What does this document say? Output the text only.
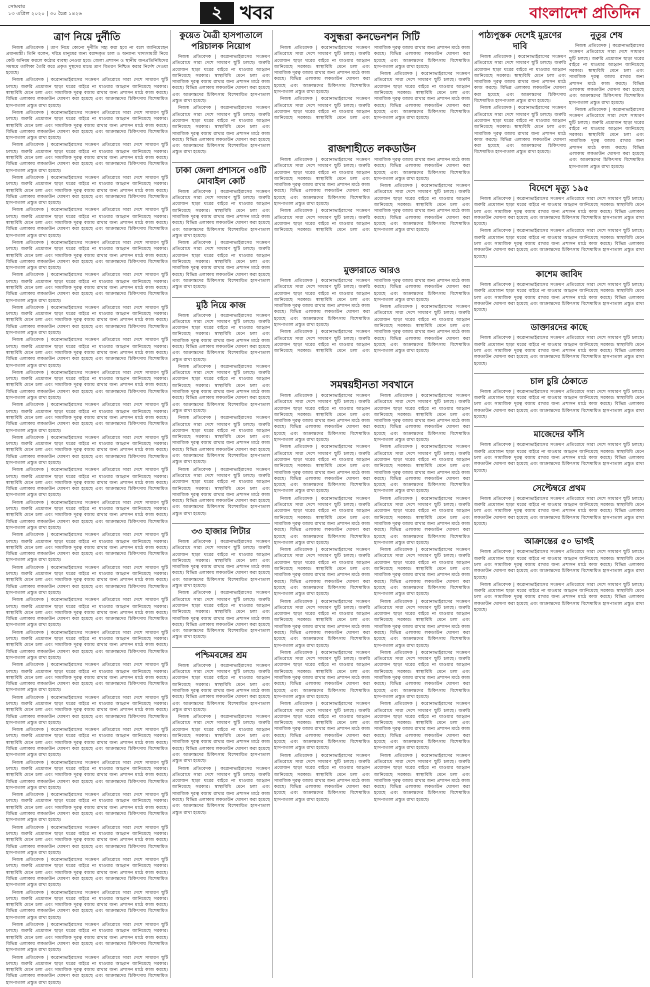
সোমবার
১৩ এপ্রিল ২০২০ | ৩০ চৈত্র ১৪২৬	২ খবর	বাংলাদেশ প্রতিদিন
ত্রাণ নিয়ে দুর্নীতি

নিজস্ব প্রতিবেদক | ত্রাণ নিয়ে কোনো দুর্নীতি সহ্য করা হবে না বলে জানিয়েছেন প্রধানমন্ত্রী। তিনি বলেন, দরিদ্র মানুষের জন্য বরাদ্দকৃত চাল ও অন্যান্য খাদ্যসামগ্রী নিয়ে কেউ অনিয়ম করলে কঠোর ব্যবস্থা নেওয়া হবে। জেলা প্রশাসন ও স্থানীয় জনপ্রতিনিধিদের সমন্বয়ে তালিকা তৈরি করে প্রকৃত দুস্থদের মাঝে ত্রাণ বিতরণ নিশ্চিত করার নির্দেশ দেওয়া হয়েছে।

নিজস্ব প্রতিবেদক | করোনাভাইরাসের সংক্রমণ প্রতিরোধে সারা দেশে সাধারণ ছুটি চলছে। জরুরি প্রয়োজন ছাড়া ঘরের বাইরে না যাওয়ার আহ্বান জানিয়েছে সরকার। স্বাস্থ্যবিধি মেনে চলা এবং সামাজিক দূরত্ব বজায় রাখার জন্য প্রশাসন মাঠে কাজ করছে। বিভিন্ন এলাকায় লকডাউন ঘোষণা করা হয়েছে এবং আক্রান্তদের চিকিৎসায় বিশেষায়িত হাসপাতাল প্রস্তুত রাখা হয়েছে।

নিজস্ব প্রতিবেদক | করোনাভাইরাসের সংক্রমণ প্রতিরোধে সারা দেশে সাধারণ ছুটি চলছে। জরুরি প্রয়োজন ছাড়া ঘরের বাইরে না যাওয়ার আহ্বান জানিয়েছে সরকার। স্বাস্থ্যবিধি মেনে চলা এবং সামাজিক দূরত্ব বজায় রাখার জন্য প্রশাসন মাঠে কাজ করছে। বিভিন্ন এলাকায় লকডাউন ঘোষণা করা হয়েছে এবং আক্রান্তদের চিকিৎসায় বিশেষায়িত হাসপাতাল প্রস্তুত রাখা হয়েছে।

নিজস্ব প্রতিবেদক | করোনাভাইরাসের সংক্রমণ প্রতিরোধে সারা দেশে সাধারণ ছুটি চলছে। জরুরি প্রয়োজন ছাড়া ঘরের বাইরে না যাওয়ার আহ্বান জানিয়েছে সরকার। স্বাস্থ্যবিধি মেনে চলা এবং সামাজিক দূরত্ব বজায় রাখার জন্য প্রশাসন মাঠে কাজ করছে। বিভিন্ন এলাকায় লকডাউন ঘোষণা করা হয়েছে এবং আক্রান্তদের চিকিৎসায় বিশেষায়িত হাসপাতাল প্রস্তুত রাখা হয়েছে।

নিজস্ব প্রতিবেদক | করোনাভাইরাসের সংক্রমণ প্রতিরোধে সারা দেশে সাধারণ ছুটি চলছে। জরুরি প্রয়োজন ছাড়া ঘরের বাইরে না যাওয়ার আহ্বান জানিয়েছে সরকার। স্বাস্থ্যবিধি মেনে চলা এবং সামাজিক দূরত্ব বজায় রাখার জন্য প্রশাসন মাঠে কাজ করছে। বিভিন্ন এলাকায় লকডাউন ঘোষণা করা হয়েছে এবং আক্রান্তদের চিকিৎসায় বিশেষায়িত হাসপাতাল প্রস্তুত রাখা হয়েছে।

নিজস্ব প্রতিবেদক | করোনাভাইরাসের সংক্রমণ প্রতিরোধে সারা দেশে সাধারণ ছুটি চলছে। জরুরি প্রয়োজন ছাড়া ঘরের বাইরে না যাওয়ার আহ্বান জানিয়েছে সরকার। স্বাস্থ্যবিধি মেনে চলা এবং সামাজিক দূরত্ব বজায় রাখার জন্য প্রশাসন মাঠে কাজ করছে। বিভিন্ন এলাকায় লকডাউন ঘোষণা করা হয়েছে এবং আক্রান্তদের চিকিৎসায় বিশেষায়িত হাসপাতাল প্রস্তুত রাখা হয়েছে।

নিজস্ব প্রতিবেদক | করোনাভাইরাসের সংক্রমণ প্রতিরোধে সারা দেশে সাধারণ ছুটি চলছে। জরুরি প্রয়োজন ছাড়া ঘরের বাইরে না যাওয়ার আহ্বান জানিয়েছে সরকার। স্বাস্থ্যবিধি মেনে চলা এবং সামাজিক দূরত্ব বজায় রাখার জন্য প্রশাসন মাঠে কাজ করছে। বিভিন্ন এলাকায় লকডাউন ঘোষণা করা হয়েছে এবং আক্রান্তদের চিকিৎসায় বিশেষায়িত হাসপাতাল প্রস্তুত রাখা হয়েছে।

নিজস্ব প্রতিবেদক | করোনাভাইরাসের সংক্রমণ প্রতিরোধে সারা দেশে সাধারণ ছুটি চলছে। জরুরি প্রয়োজন ছাড়া ঘরের বাইরে না যাওয়ার আহ্বান জানিয়েছে সরকার। স্বাস্থ্যবিধি মেনে চলা এবং সামাজিক দূরত্ব বজায় রাখার জন্য প্রশাসন মাঠে কাজ করছে। বিভিন্ন এলাকায় লকডাউন ঘোষণা করা হয়েছে এবং আক্রান্তদের চিকিৎসায় বিশেষায়িত হাসপাতাল প্রস্তুত রাখা হয়েছে।

নিজস্ব প্রতিবেদক | করোনাভাইরাসের সংক্রমণ প্রতিরোধে সারা দেশে সাধারণ ছুটি চলছে। জরুরি প্রয়োজন ছাড়া ঘরের বাইরে না যাওয়ার আহ্বান জানিয়েছে সরকার। স্বাস্থ্যবিধি মেনে চলা এবং সামাজিক দূরত্ব বজায় রাখার জন্য প্রশাসন মাঠে কাজ করছে। বিভিন্ন এলাকায় লকডাউন ঘোষণা করা হয়েছে এবং আক্রান্তদের চিকিৎসায় বিশেষায়িত হাসপাতাল প্রস্তুত রাখা হয়েছে।

নিজস্ব প্রতিবেদক | করোনাভাইরাসের সংক্রমণ প্রতিরোধে সারা দেশে সাধারণ ছুটি চলছে। জরুরি প্রয়োজন ছাড়া ঘরের বাইরে না যাওয়ার আহ্বান জানিয়েছে সরকার। স্বাস্থ্যবিধি মেনে চলা এবং সামাজিক দূরত্ব বজায় রাখার জন্য প্রশাসন মাঠে কাজ করছে। বিভিন্ন এলাকায় লকডাউন ঘোষণা করা হয়েছে এবং আক্রান্তদের চিকিৎসায় বিশেষায়িত হাসপাতাল প্রস্তুত রাখা হয়েছে।

নিজস্ব প্রতিবেদক | করোনাভাইরাসের সংক্রমণ প্রতিরোধে সারা দেশে সাধারণ ছুটি চলছে। জরুরি প্রয়োজন ছাড়া ঘরের বাইরে না যাওয়ার আহ্বান জানিয়েছে সরকার। স্বাস্থ্যবিধি মেনে চলা এবং সামাজিক দূরত্ব বজায় রাখার জন্য প্রশাসন মাঠে কাজ করছে। বিভিন্ন এলাকায় লকডাউন ঘোষণা করা হয়েছে এবং আক্রান্তদের চিকিৎসায় বিশেষায়িত হাসপাতাল প্রস্তুত রাখা হয়েছে।

নিজস্ব প্রতিবেদক | করোনাভাইরাসের সংক্রমণ প্রতিরোধে সারা দেশে সাধারণ ছুটি চলছে। জরুরি প্রয়োজন ছাড়া ঘরের বাইরে না যাওয়ার আহ্বান জানিয়েছে সরকার। স্বাস্থ্যবিধি মেনে চলা এবং সামাজিক দূরত্ব বজায় রাখার জন্য প্রশাসন মাঠে কাজ করছে। বিভিন্ন এলাকায় লকডাউন ঘোষণা করা হয়েছে এবং আক্রান্তদের চিকিৎসায় বিশেষায়িত হাসপাতাল প্রস্তুত রাখা হয়েছে।

নিজস্ব প্রতিবেদক | করোনাভাইরাসের সংক্রমণ প্রতিরোধে সারা দেশে সাধারণ ছুটি চলছে। জরুরি প্রয়োজন ছাড়া ঘরের বাইরে না যাওয়ার আহ্বান জানিয়েছে সরকার। স্বাস্থ্যবিধি মেনে চলা এবং সামাজিক দূরত্ব বজায় রাখার জন্য প্রশাসন মাঠে কাজ করছে। বিভিন্ন এলাকায় লকডাউন ঘোষণা করা হয়েছে এবং আক্রান্তদের চিকিৎসায় বিশেষায়িত হাসপাতাল প্রস্তুত রাখা হয়েছে।

নিজস্ব প্রতিবেদক | করোনাভাইরাসের সংক্রমণ প্রতিরোধে সারা দেশে সাধারণ ছুটি চলছে। জরুরি প্রয়োজন ছাড়া ঘরের বাইরে না যাওয়ার আহ্বান জানিয়েছে সরকার। স্বাস্থ্যবিধি মেনে চলা এবং সামাজিক দূরত্ব বজায় রাখার জন্য প্রশাসন মাঠে কাজ করছে। বিভিন্ন এলাকায় লকডাউন ঘোষণা করা হয়েছে এবং আক্রান্তদের চিকিৎসায় বিশেষায়িত হাসপাতাল প্রস্তুত রাখা হয়েছে।

নিজস্ব প্রতিবেদক | করোনাভাইরাসের সংক্রমণ প্রতিরোধে সারা দেশে সাধারণ ছুটি চলছে। জরুরি প্রয়োজন ছাড়া ঘরের বাইরে না যাওয়ার আহ্বান জানিয়েছে সরকার। স্বাস্থ্যবিধি মেনে চলা এবং সামাজিক দূরত্ব বজায় রাখার জন্য প্রশাসন মাঠে কাজ করছে। বিভিন্ন এলাকায় লকডাউন ঘোষণা করা হয়েছে এবং আক্রান্তদের চিকিৎসায় বিশেষায়িত হাসপাতাল প্রস্তুত রাখা হয়েছে।

নিজস্ব প্রতিবেদক | করোনাভাইরাসের সংক্রমণ প্রতিরোধে সারা দেশে সাধারণ ছুটি চলছে। জরুরি প্রয়োজন ছাড়া ঘরের বাইরে না যাওয়ার আহ্বান জানিয়েছে সরকার। স্বাস্থ্যবিধি মেনে চলা এবং সামাজিক দূরত্ব বজায় রাখার জন্য প্রশাসন মাঠে কাজ করছে। বিভিন্ন এলাকায় লকডাউন ঘোষণা করা হয়েছে এবং আক্রান্তদের চিকিৎসায় বিশেষায়িত হাসপাতাল প্রস্তুত রাখা হয়েছে।

নিজস্ব প্রতিবেদক | করোনাভাইরাসের সংক্রমণ প্রতিরোধে সারা দেশে সাধারণ ছুটি চলছে। জরুরি প্রয়োজন ছাড়া ঘরের বাইরে না যাওয়ার আহ্বান জানিয়েছে সরকার। স্বাস্থ্যবিধি মেনে চলা এবং সামাজিক দূরত্ব বজায় রাখার জন্য প্রশাসন মাঠে কাজ করছে। বিভিন্ন এলাকায় লকডাউন ঘোষণা করা হয়েছে এবং আক্রান্তদের চিকিৎসায় বিশেষায়িত হাসপাতাল প্রস্তুত রাখা হয়েছে।

নিজস্ব প্রতিবেদক | করোনাভাইরাসের সংক্রমণ প্রতিরোধে সারা দেশে সাধারণ ছুটি চলছে। জরুরি প্রয়োজন ছাড়া ঘরের বাইরে না যাওয়ার আহ্বান জানিয়েছে সরকার। স্বাস্থ্যবিধি মেনে চলা এবং সামাজিক দূরত্ব বজায় রাখার জন্য প্রশাসন মাঠে কাজ করছে। বিভিন্ন এলাকায় লকডাউন ঘোষণা করা হয়েছে এবং আক্রান্তদের চিকিৎসায় বিশেষায়িত হাসপাতাল প্রস্তুত রাখা হয়েছে।

নিজস্ব প্রতিবেদক | করোনাভাইরাসের সংক্রমণ প্রতিরোধে সারা দেশে সাধারণ ছুটি চলছে। জরুরি প্রয়োজন ছাড়া ঘরের বাইরে না যাওয়ার আহ্বান জানিয়েছে সরকার। স্বাস্থ্যবিধি মেনে চলা এবং সামাজিক দূরত্ব বজায় রাখার জন্য প্রশাসন মাঠে কাজ করছে। বিভিন্ন এলাকায় লকডাউন ঘোষণা করা হয়েছে এবং আক্রান্তদের চিকিৎসায় বিশেষায়িত হাসপাতাল প্রস্তুত রাখা হয়েছে।

নিজস্ব প্রতিবেদক | করোনাভাইরাসের সংক্রমণ প্রতিরোধে সারা দেশে সাধারণ ছুটি চলছে। জরুরি প্রয়োজন ছাড়া ঘরের বাইরে না যাওয়ার আহ্বান জানিয়েছে সরকার। স্বাস্থ্যবিধি মেনে চলা এবং সামাজিক দূরত্ব বজায় রাখার জন্য প্রশাসন মাঠে কাজ করছে। বিভিন্ন এলাকায় লকডাউন ঘোষণা করা হয়েছে এবং আক্রান্তদের চিকিৎসায় বিশেষায়িত হাসপাতাল প্রস্তুত রাখা হয়েছে।

নিজস্ব প্রতিবেদক | করোনাভাইরাসের সংক্রমণ প্রতিরোধে সারা দেশে সাধারণ ছুটি চলছে। জরুরি প্রয়োজন ছাড়া ঘরের বাইরে না যাওয়ার আহ্বান জানিয়েছে সরকার। স্বাস্থ্যবিধি মেনে চলা এবং সামাজিক দূরত্ব বজায় রাখার জন্য প্রশাসন মাঠে কাজ করছে। বিভিন্ন এলাকায় লকডাউন ঘোষণা করা হয়েছে এবং আক্রান্তদের চিকিৎসায় বিশেষায়িত হাসপাতাল প্রস্তুত রাখা হয়েছে।

নিজস্ব প্রতিবেদক | করোনাভাইরাসের সংক্রমণ প্রতিরোধে সারা দেশে সাধারণ ছুটি চলছে। জরুরি প্রয়োজন ছাড়া ঘরের বাইরে না যাওয়ার আহ্বান জানিয়েছে সরকার। স্বাস্থ্যবিধি মেনে চলা এবং সামাজিক দূরত্ব বজায় রাখার জন্য প্রশাসন মাঠে কাজ করছে। বিভিন্ন এলাকায় লকডাউন ঘোষণা করা হয়েছে এবং আক্রান্তদের চিকিৎসায় বিশেষায়িত হাসপাতাল প্রস্তুত রাখা হয়েছে।

নিজস্ব প্রতিবেদক | করোনাভাইরাসের সংক্রমণ প্রতিরোধে সারা দেশে সাধারণ ছুটি চলছে। জরুরি প্রয়োজন ছাড়া ঘরের বাইরে না যাওয়ার আহ্বান জানিয়েছে সরকার। স্বাস্থ্যবিধি মেনে চলা এবং সামাজিক দূরত্ব বজায় রাখার জন্য প্রশাসন মাঠে কাজ করছে। বিভিন্ন এলাকায় লকডাউন ঘোষণা করা হয়েছে এবং আক্রান্তদের চিকিৎসায় বিশেষায়িত হাসপাতাল প্রস্তুত রাখা হয়েছে।

নিজস্ব প্রতিবেদক | করোনাভাইরাসের সংক্রমণ প্রতিরোধে সারা দেশে সাধারণ ছুটি চলছে। জরুরি প্রয়োজন ছাড়া ঘরের বাইরে না যাওয়ার আহ্বান জানিয়েছে সরকার। স্বাস্থ্যবিধি মেনে চলা এবং সামাজিক দূরত্ব বজায় রাখার জন্য প্রশাসন মাঠে কাজ করছে। বিভিন্ন এলাকায় লকডাউন ঘোষণা করা হয়েছে এবং আক্রান্তদের চিকিৎসায় বিশেষায়িত হাসপাতাল প্রস্তুত রাখা হয়েছে।

নিজস্ব প্রতিবেদক | করোনাভাইরাসের সংক্রমণ প্রতিরোধে সারা দেশে সাধারণ ছুটি চলছে। জরুরি প্রয়োজন ছাড়া ঘরের বাইরে না যাওয়ার আহ্বান জানিয়েছে সরকার। স্বাস্থ্যবিধি মেনে চলা এবং সামাজিক দূরত্ব বজায় রাখার জন্য প্রশাসন মাঠে কাজ করছে। বিভিন্ন এলাকায় লকডাউন ঘোষণা করা হয়েছে এবং আক্রান্তদের চিকিৎসায় বিশেষায়িত হাসপাতাল প্রস্তুত রাখা হয়েছে।

নিজস্ব প্রতিবেদক | করোনাভাইরাসের সংক্রমণ প্রতিরোধে সারা দেশে সাধারণ ছুটি চলছে। জরুরি প্রয়োজন ছাড়া ঘরের বাইরে না যাওয়ার আহ্বান জানিয়েছে সরকার। স্বাস্থ্যবিধি মেনে চলা এবং সামাজিক দূরত্ব বজায় রাখার জন্য প্রশাসন মাঠে কাজ করছে। বিভিন্ন এলাকায় লকডাউন ঘোষণা করা হয়েছে এবং আক্রান্তদের চিকিৎসায় বিশেষায়িত হাসপাতাল প্রস্তুত রাখা হয়েছে।

নিজস্ব প্রতিবেদক | করোনাভাইরাসের সংক্রমণ প্রতিরোধে সারা দেশে সাধারণ ছুটি চলছে। জরুরি প্রয়োজন ছাড়া ঘরের বাইরে না যাওয়ার আহ্বান জানিয়েছে সরকার। স্বাস্থ্যবিধি মেনে চলা এবং সামাজিক দূরত্ব বজায় রাখার জন্য প্রশাসন মাঠে কাজ করছে। বিভিন্ন এলাকায় লকডাউন ঘোষণা করা হয়েছে এবং আক্রান্তদের চিকিৎসায় বিশেষায়িত হাসপাতাল প্রস্তুত রাখা হয়েছে।

নিজস্ব প্রতিবেদক | করোনাভাইরাসের সংক্রমণ প্রতিরোধে সারা দেশে সাধারণ ছুটি চলছে। জরুরি প্রয়োজন ছাড়া ঘরের বাইরে না যাওয়ার আহ্বান জানিয়েছে সরকার। স্বাস্থ্যবিধি মেনে চলা এবং সামাজিক দূরত্ব বজায় রাখার জন্য প্রশাসন মাঠে কাজ করছে। বিভিন্ন এলাকায় লকডাউন ঘোষণা করা হয়েছে এবং আক্রান্তদের চিকিৎসায় বিশেষায়িত হাসপাতাল প্রস্তুত রাখা হয়েছে।

নিজস্ব প্রতিবেদক | করোনাভাইরাসের সংক্রমণ প্রতিরোধে সারা দেশে সাধারণ ছুটি চলছে। জরুরি প্রয়োজন ছাড়া ঘরের বাইরে না যাওয়ার আহ্বান জানিয়েছে সরকার। স্বাস্থ্যবিধি মেনে চলা এবং সামাজিক দূরত্ব বজায় রাখার জন্য প্রশাসন মাঠে কাজ করছে। বিভিন্ন এলাকায় লকডাউন ঘোষণা করা হয়েছে এবং আক্রান্তদের চিকিৎসায় বিশেষায়িত হাসপাতাল প্রস্তুত রাখা হয়েছে।

কুয়েত মৈত্রী হাসপাতালে পরিচালক নিয়োগ

নিজস্ব প্রতিবেদক | করোনাভাইরাসের সংক্রমণ প্রতিরোধে সারা দেশে সাধারণ ছুটি চলছে। জরুরি প্রয়োজন ছাড়া ঘরের বাইরে না যাওয়ার আহ্বান জানিয়েছে সরকার। স্বাস্থ্যবিধি মেনে চলা এবং সামাজিক দূরত্ব বজায় রাখার জন্য প্রশাসন মাঠে কাজ করছে। বিভিন্ন এলাকায় লকডাউন ঘোষণা করা হয়েছে এবং আক্রান্তদের চিকিৎসায় বিশেষায়িত হাসপাতাল প্রস্তুত রাখা হয়েছে।

নিজস্ব প্রতিবেদক | করোনাভাইরাসের সংক্রমণ প্রতিরোধে সারা দেশে সাধারণ ছুটি চলছে। জরুরি প্রয়োজন ছাড়া ঘরের বাইরে না যাওয়ার আহ্বান জানিয়েছে সরকার। স্বাস্থ্যবিধি মেনে চলা এবং সামাজিক দূরত্ব বজায় রাখার জন্য প্রশাসন মাঠে কাজ করছে। বিভিন্ন এলাকায় লকডাউন ঘোষণা করা হয়েছে এবং আক্রান্তদের চিকিৎসায় বিশেষায়িত হাসপাতাল প্রস্তুত রাখা হয়েছে।

ঢাকা জেলা প্রশাসনে ৩৪টি মোবাইল কোর্ট

নিজস্ব প্রতিবেদক | করোনাভাইরাসের সংক্রমণ প্রতিরোধে সারা দেশে সাধারণ ছুটি চলছে। জরুরি প্রয়োজন ছাড়া ঘরের বাইরে না যাওয়ার আহ্বান জানিয়েছে সরকার। স্বাস্থ্যবিধি মেনে চলা এবং সামাজিক দূরত্ব বজায় রাখার জন্য প্রশাসন মাঠে কাজ করছে। বিভিন্ন এলাকায় লকডাউন ঘোষণা করা হয়েছে এবং আক্রান্তদের চিকিৎসায় বিশেষায়িত হাসপাতাল প্রস্তুত রাখা হয়েছে।

নিজস্ব প্রতিবেদক | করোনাভাইরাসের সংক্রমণ প্রতিরোধে সারা দেশে সাধারণ ছুটি চলছে। জরুরি প্রয়োজন ছাড়া ঘরের বাইরে না যাওয়ার আহ্বান জানিয়েছে সরকার। স্বাস্থ্যবিধি মেনে চলা এবং সামাজিক দূরত্ব বজায় রাখার জন্য প্রশাসন মাঠে কাজ করছে। বিভিন্ন এলাকায় লকডাউন ঘোষণা করা হয়েছে এবং আক্রান্তদের চিকিৎসায় বিশেষায়িত হাসপাতাল প্রস্তুত রাখা হয়েছে।

মুঠি নিয়ে কাজ

নিজস্ব প্রতিবেদক | করোনাভাইরাসের সংক্রমণ প্রতিরোধে সারা দেশে সাধারণ ছুটি চলছে। জরুরি প্রয়োজন ছাড়া ঘরের বাইরে না যাওয়ার আহ্বান জানিয়েছে সরকার। স্বাস্থ্যবিধি মেনে চলা এবং সামাজিক দূরত্ব বজায় রাখার জন্য প্রশাসন মাঠে কাজ করছে। বিভিন্ন এলাকায় লকডাউন ঘোষণা করা হয়েছে এবং আক্রান্তদের চিকিৎসায় বিশেষায়িত হাসপাতাল প্রস্তুত রাখা হয়েছে।

নিজস্ব প্রতিবেদক | করোনাভাইরাসের সংক্রমণ প্রতিরোধে সারা দেশে সাধারণ ছুটি চলছে। জরুরি প্রয়োজন ছাড়া ঘরের বাইরে না যাওয়ার আহ্বান জানিয়েছে সরকার। স্বাস্থ্যবিধি মেনে চলা এবং সামাজিক দূরত্ব বজায় রাখার জন্য প্রশাসন মাঠে কাজ করছে। বিভিন্ন এলাকায় লকডাউন ঘোষণা করা হয়েছে এবং আক্রান্তদের চিকিৎসায় বিশেষায়িত হাসপাতাল প্রস্তুত রাখা হয়েছে।

নিজস্ব প্রতিবেদক | করোনাভাইরাসের সংক্রমণ প্রতিরোধে সারা দেশে সাধারণ ছুটি চলছে। জরুরি প্রয়োজন ছাড়া ঘরের বাইরে না যাওয়ার আহ্বান জানিয়েছে সরকার। স্বাস্থ্যবিধি মেনে চলা এবং সামাজিক দূরত্ব বজায় রাখার জন্য প্রশাসন মাঠে কাজ করছে। বিভিন্ন এলাকায় লকডাউন ঘোষণা করা হয়েছে এবং আক্রান্তদের চিকিৎসায় বিশেষায়িত হাসপাতাল প্রস্তুত রাখা হয়েছে।

নিজস্ব প্রতিবেদক | করোনাভাইরাসের সংক্রমণ প্রতিরোধে সারা দেশে সাধারণ ছুটি চলছে। জরুরি প্রয়োজন ছাড়া ঘরের বাইরে না যাওয়ার আহ্বান জানিয়েছে সরকার। স্বাস্থ্যবিধি মেনে চলা এবং সামাজিক দূরত্ব বজায় রাখার জন্য প্রশাসন মাঠে কাজ করছে। বিভিন্ন এলাকায় লকডাউন ঘোষণা করা হয়েছে এবং আক্রান্তদের চিকিৎসায় বিশেষায়িত হাসপাতাল প্রস্তুত রাখা হয়েছে।

৩৩ হাজার লিটার

নিজস্ব প্রতিবেদক | করোনাভাইরাসের সংক্রমণ প্রতিরোধে সারা দেশে সাধারণ ছুটি চলছে। জরুরি প্রয়োজন ছাড়া ঘরের বাইরে না যাওয়ার আহ্বান জানিয়েছে সরকার। স্বাস্থ্যবিধি মেনে চলা এবং সামাজিক দূরত্ব বজায় রাখার জন্য প্রশাসন মাঠে কাজ করছে। বিভিন্ন এলাকায় লকডাউন ঘোষণা করা হয়েছে এবং আক্রান্তদের চিকিৎসায় বিশেষায়িত হাসপাতাল প্রস্তুত রাখা হয়েছে।

নিজস্ব প্রতিবেদক | করোনাভাইরাসের সংক্রমণ প্রতিরোধে সারা দেশে সাধারণ ছুটি চলছে। জরুরি প্রয়োজন ছাড়া ঘরের বাইরে না যাওয়ার আহ্বান জানিয়েছে সরকার। স্বাস্থ্যবিধি মেনে চলা এবং সামাজিক দূরত্ব বজায় রাখার জন্য প্রশাসন মাঠে কাজ করছে। বিভিন্ন এলাকায় লকডাউন ঘোষণা করা হয়েছে এবং আক্রান্তদের চিকিৎসায় বিশেষায়িত হাসপাতাল প্রস্তুত রাখা হয়েছে।

পশ্চিমবঙ্গের শ্রম

নিজস্ব প্রতিবেদক | করোনাভাইরাসের সংক্রমণ প্রতিরোধে সারা দেশে সাধারণ ছুটি চলছে। জরুরি প্রয়োজন ছাড়া ঘরের বাইরে না যাওয়ার আহ্বান জানিয়েছে সরকার। স্বাস্থ্যবিধি মেনে চলা এবং সামাজিক দূরত্ব বজায় রাখার জন্য প্রশাসন মাঠে কাজ করছে। বিভিন্ন এলাকায় লকডাউন ঘোষণা করা হয়েছে এবং আক্রান্তদের চিকিৎসায় বিশেষায়িত হাসপাতাল প্রস্তুত রাখা হয়েছে।

নিজস্ব প্রতিবেদক | করোনাভাইরাসের সংক্রমণ প্রতিরোধে সারা দেশে সাধারণ ছুটি চলছে। জরুরি প্রয়োজন ছাড়া ঘরের বাইরে না যাওয়ার আহ্বান জানিয়েছে সরকার। স্বাস্থ্যবিধি মেনে চলা এবং সামাজিক দূরত্ব বজায় রাখার জন্য প্রশাসন মাঠে কাজ করছে। বিভিন্ন এলাকায় লকডাউন ঘোষণা করা হয়েছে এবং আক্রান্তদের চিকিৎসায় বিশেষায়িত হাসপাতাল প্রস্তুত রাখা হয়েছে।

নিজস্ব প্রতিবেদক | করোনাভাইরাসের সংক্রমণ প্রতিরোধে সারা দেশে সাধারণ ছুটি চলছে। জরুরি প্রয়োজন ছাড়া ঘরের বাইরে না যাওয়ার আহ্বান জানিয়েছে সরকার। স্বাস্থ্যবিধি মেনে চলা এবং সামাজিক দূরত্ব বজায় রাখার জন্য প্রশাসন মাঠে কাজ করছে। বিভিন্ন এলাকায় লকডাউন ঘোষণা করা হয়েছে এবং আক্রান্তদের চিকিৎসায় বিশেষায়িত হাসপাতাল প্রস্তুত রাখা হয়েছে।

বসুন্ধরা কনভেনশন সিটি

নিজস্ব প্রতিবেদক | করোনাভাইরাসের সংক্রমণ প্রতিরোধে সারা দেশে সাধারণ ছুটি চলছে। জরুরি প্রয়োজন ছাড়া ঘরের বাইরে না যাওয়ার আহ্বান জানিয়েছে সরকার। স্বাস্থ্যবিধি মেনে চলা এবং সামাজিক দূরত্ব বজায় রাখার জন্য প্রশাসন মাঠে কাজ করছে। বিভিন্ন এলাকায় লকডাউন ঘোষণা করা হয়েছে এবং আক্রান্তদের চিকিৎসায় বিশেষায়িত হাসপাতাল প্রস্তুত রাখা হয়েছে।

নিজস্ব প্রতিবেদক | করোনাভাইরাসের সংক্রমণ প্রতিরোধে সারা দেশে সাধারণ ছুটি চলছে। জরুরি প্রয়োজন ছাড়া ঘরের বাইরে না যাওয়ার আহ্বান জানিয়েছে সরকার। স্বাস্থ্যবিধি মেনে চলা এবং সামাজিক দূরত্ব বজায় রাখার জন্য প্রশাসন মাঠে কাজ করছে। বিভিন্ন এলাকায় লকডাউন ঘোষণা করা হয়েছে এবং আক্রান্তদের চিকিৎসায় বিশেষায়িত হাসপাতাল প্রস্তুত রাখা হয়েছে।

নিজস্ব প্রতিবেদক | করোনাভাইরাসের সংক্রমণ প্রতিরোধে সারা দেশে সাধারণ ছুটি চলছে। জরুরি প্রয়োজন ছাড়া ঘরের বাইরে না যাওয়ার আহ্বান জানিয়েছে সরকার। স্বাস্থ্যবিধি মেনে চলা এবং সামাজিক দূরত্ব বজায় রাখার জন্য প্রশাসন মাঠে কাজ করছে। বিভিন্ন এলাকায় লকডাউন ঘোষণা করা হয়েছে এবং আক্রান্তদের চিকিৎসায় বিশেষায়িত হাসপাতাল প্রস্তুত রাখা হয়েছে।

রাজশাহীতে লকডাউন

নিজস্ব প্রতিবেদক | করোনাভাইরাসের সংক্রমণ প্রতিরোধে সারা দেশে সাধারণ ছুটি চলছে। জরুরি প্রয়োজন ছাড়া ঘরের বাইরে না যাওয়ার আহ্বান জানিয়েছে সরকার। স্বাস্থ্যবিধি মেনে চলা এবং সামাজিক দূরত্ব বজায় রাখার জন্য প্রশাসন মাঠে কাজ করছে। বিভিন্ন এলাকায় লকডাউন ঘোষণা করা হয়েছে এবং আক্রান্তদের চিকিৎসায় বিশেষায়িত হাসপাতাল প্রস্তুত রাখা হয়েছে।

নিজস্ব প্রতিবেদক | করোনাভাইরাসের সংক্রমণ প্রতিরোধে সারা দেশে সাধারণ ছুটি চলছে। জরুরি প্রয়োজন ছাড়া ঘরের বাইরে না যাওয়ার আহ্বান জানিয়েছে সরকার। স্বাস্থ্যবিধি মেনে চলা এবং সামাজিক দূরত্ব বজায় রাখার জন্য প্রশাসন মাঠে কাজ করছে। বিভিন্ন এলাকায় লকডাউন ঘোষণা করা হয়েছে এবং আক্রান্তদের চিকিৎসায় বিশেষায়িত হাসপাতাল প্রস্তুত রাখা হয়েছে।

নিজস্ব প্রতিবেদক | করোনাভাইরাসের সংক্রমণ প্রতিরোধে সারা দেশে সাধারণ ছুটি চলছে। জরুরি প্রয়োজন ছাড়া ঘরের বাইরে না যাওয়ার আহ্বান জানিয়েছে সরকার। স্বাস্থ্যবিধি মেনে চলা এবং সামাজিক দূরত্ব বজায় রাখার জন্য প্রশাসন মাঠে কাজ করছে। বিভিন্ন এলাকায় লকডাউন ঘোষণা করা হয়েছে এবং আক্রান্তদের চিকিৎসায় বিশেষায়িত হাসপাতাল প্রস্তুত রাখা হয়েছে।

মুক্তারাতে আরও

নিজস্ব প্রতিবেদক | করোনাভাইরাসের সংক্রমণ প্রতিরোধে সারা দেশে সাধারণ ছুটি চলছে। জরুরি প্রয়োজন ছাড়া ঘরের বাইরে না যাওয়ার আহ্বান জানিয়েছে সরকার। স্বাস্থ্যবিধি মেনে চলা এবং সামাজিক দূরত্ব বজায় রাখার জন্য প্রশাসন মাঠে কাজ করছে। বিভিন্ন এলাকায় লকডাউন ঘোষণা করা হয়েছে এবং আক্রান্তদের চিকিৎসায় বিশেষায়িত হাসপাতাল প্রস্তুত রাখা হয়েছে।

নিজস্ব প্রতিবেদক | করোনাভাইরাসের সংক্রমণ প্রতিরোধে সারা দেশে সাধারণ ছুটি চলছে। জরুরি প্রয়োজন ছাড়া ঘরের বাইরে না যাওয়ার আহ্বান জানিয়েছে সরকার। স্বাস্থ্যবিধি মেনে চলা এবং সামাজিক দূরত্ব বজায় রাখার জন্য প্রশাসন মাঠে কাজ করছে। বিভিন্ন এলাকায় লকডাউন ঘোষণা করা হয়েছে এবং আক্রান্তদের চিকিৎসায় বিশেষায়িত হাসপাতাল প্রস্তুত রাখা হয়েছে।

নিজস্ব প্রতিবেদক | করোনাভাইরাসের সংক্রমণ প্রতিরোধে সারা দেশে সাধারণ ছুটি চলছে। জরুরি প্রয়োজন ছাড়া ঘরের বাইরে না যাওয়ার আহ্বান জানিয়েছে সরকার। স্বাস্থ্যবিধি মেনে চলা এবং সামাজিক দূরত্ব বজায় রাখার জন্য প্রশাসন মাঠে কাজ করছে। বিভিন্ন এলাকায় লকডাউন ঘোষণা করা হয়েছে এবং আক্রান্তদের চিকিৎসায় বিশেষায়িত হাসপাতাল প্রস্তুত রাখা হয়েছে।

সমন্বয়হীনতা সবখানে

নিজস্ব প্রতিবেদক | করোনাভাইরাসের সংক্রমণ প্রতিরোধে সারা দেশে সাধারণ ছুটি চলছে। জরুরি প্রয়োজন ছাড়া ঘরের বাইরে না যাওয়ার আহ্বান জানিয়েছে সরকার। স্বাস্থ্যবিধি মেনে চলা এবং সামাজিক দূরত্ব বজায় রাখার জন্য প্রশাসন মাঠে কাজ করছে। বিভিন্ন এলাকায় লকডাউন ঘোষণা করা হয়েছে এবং আক্রান্তদের চিকিৎসায় বিশেষায়িত হাসপাতাল প্রস্তুত রাখা হয়েছে।

নিজস্ব প্রতিবেদক | করোনাভাইরাসের সংক্রমণ প্রতিরোধে সারা দেশে সাধারণ ছুটি চলছে। জরুরি প্রয়োজন ছাড়া ঘরের বাইরে না যাওয়ার আহ্বান জানিয়েছে সরকার। স্বাস্থ্যবিধি মেনে চলা এবং সামাজিক দূরত্ব বজায় রাখার জন্য প্রশাসন মাঠে কাজ করছে। বিভিন্ন এলাকায় লকডাউন ঘোষণা করা হয়েছে এবং আক্রান্তদের চিকিৎসায় বিশেষায়িত হাসপাতাল প্রস্তুত রাখা হয়েছে।

নিজস্ব প্রতিবেদক | করোনাভাইরাসের সংক্রমণ প্রতিরোধে সারা দেশে সাধারণ ছুটি চলছে। জরুরি প্রয়োজন ছাড়া ঘরের বাইরে না যাওয়ার আহ্বান জানিয়েছে সরকার। স্বাস্থ্যবিধি মেনে চলা এবং সামাজিক দূরত্ব বজায় রাখার জন্য প্রশাসন মাঠে কাজ করছে। বিভিন্ন এলাকায় লকডাউন ঘোষণা করা হয়েছে এবং আক্রান্তদের চিকিৎসায় বিশেষায়িত হাসপাতাল প্রস্তুত রাখা হয়েছে।

নিজস্ব প্রতিবেদক | করোনাভাইরাসের সংক্রমণ প্রতিরোধে সারা দেশে সাধারণ ছুটি চলছে। জরুরি প্রয়োজন ছাড়া ঘরের বাইরে না যাওয়ার আহ্বান জানিয়েছে সরকার। স্বাস্থ্যবিধি মেনে চলা এবং সামাজিক দূরত্ব বজায় রাখার জন্য প্রশাসন মাঠে কাজ করছে। বিভিন্ন এলাকায় লকডাউন ঘোষণা করা হয়েছে এবং আক্রান্তদের চিকিৎসায় বিশেষায়িত হাসপাতাল প্রস্তুত রাখা হয়েছে।

নিজস্ব প্রতিবেদক | করোনাভাইরাসের সংক্রমণ প্রতিরোধে সারা দেশে সাধারণ ছুটি চলছে। জরুরি প্রয়োজন ছাড়া ঘরের বাইরে না যাওয়ার আহ্বান জানিয়েছে সরকার। স্বাস্থ্যবিধি মেনে চলা এবং সামাজিক দূরত্ব বজায় রাখার জন্য প্রশাসন মাঠে কাজ করছে। বিভিন্ন এলাকায় লকডাউন ঘোষণা করা হয়েছে এবং আক্রান্তদের চিকিৎসায় বিশেষায়িত হাসপাতাল প্রস্তুত রাখা হয়েছে।

নিজস্ব প্রতিবেদক | করোনাভাইরাসের সংক্রমণ প্রতিরোধে সারা দেশে সাধারণ ছুটি চলছে। জরুরি প্রয়োজন ছাড়া ঘরের বাইরে না যাওয়ার আহ্বান জানিয়েছে সরকার। স্বাস্থ্যবিধি মেনে চলা এবং সামাজিক দূরত্ব বজায় রাখার জন্য প্রশাসন মাঠে কাজ করছে। বিভিন্ন এলাকায় লকডাউন ঘোষণা করা হয়েছে এবং আক্রান্তদের চিকিৎসায় বিশেষায়িত হাসপাতাল প্রস্তুত রাখা হয়েছে।

নিজস্ব প্রতিবেদক | করোনাভাইরাসের সংক্রমণ প্রতিরোধে সারা দেশে সাধারণ ছুটি চলছে। জরুরি প্রয়োজন ছাড়া ঘরের বাইরে না যাওয়ার আহ্বান জানিয়েছে সরকার। স্বাস্থ্যবিধি মেনে চলা এবং সামাজিক দূরত্ব বজায় রাখার জন্য প্রশাসন মাঠে কাজ করছে। বিভিন্ন এলাকায় লকডাউন ঘোষণা করা হয়েছে এবং আক্রান্তদের চিকিৎসায় বিশেষায়িত হাসপাতাল প্রস্তুত রাখা হয়েছে।

নিজস্ব প্রতিবেদক | করোনাভাইরাসের সংক্রমণ প্রতিরোধে সারা দেশে সাধারণ ছুটি চলছে। জরুরি প্রয়োজন ছাড়া ঘরের বাইরে না যাওয়ার আহ্বান জানিয়েছে সরকার। স্বাস্থ্যবিধি মেনে চলা এবং সামাজিক দূরত্ব বজায় রাখার জন্য প্রশাসন মাঠে কাজ করছে। বিভিন্ন এলাকায় লকডাউন ঘোষণা করা হয়েছে এবং আক্রান্তদের চিকিৎসায় বিশেষায়িত হাসপাতাল প্রস্তুত রাখা হয়েছে।

নিজস্ব প্রতিবেদক | করোনাভাইরাসের সংক্রমণ প্রতিরোধে সারা দেশে সাধারণ ছুটি চলছে। জরুরি প্রয়োজন ছাড়া ঘরের বাইরে না যাওয়ার আহ্বান জানিয়েছে সরকার। স্বাস্থ্যবিধি মেনে চলা এবং সামাজিক দূরত্ব বজায় রাখার জন্য প্রশাসন মাঠে কাজ করছে। বিভিন্ন এলাকায় লকডাউন ঘোষণা করা হয়েছে এবং আক্রান্তদের চিকিৎসায় বিশেষায়িত হাসপাতাল প্রস্তুত রাখা হয়েছে।

নিজস্ব প্রতিবেদক | করোনাভাইরাসের সংক্রমণ প্রতিরোধে সারা দেশে সাধারণ ছুটি চলছে। জরুরি প্রয়োজন ছাড়া ঘরের বাইরে না যাওয়ার আহ্বান জানিয়েছে সরকার। স্বাস্থ্যবিধি মেনে চলা এবং সামাজিক দূরত্ব বজায় রাখার জন্য প্রশাসন মাঠে কাজ করছে। বিভিন্ন এলাকায় লকডাউন ঘোষণা করা হয়েছে এবং আক্রান্তদের চিকিৎসায় বিশেষায়িত হাসপাতাল প্রস্তুত রাখা হয়েছে।

নিজস্ব প্রতিবেদক | করোনাভাইরাসের সংক্রমণ প্রতিরোধে সারা দেশে সাধারণ ছুটি চলছে। জরুরি প্রয়োজন ছাড়া ঘরের বাইরে না যাওয়ার আহ্বান জানিয়েছে সরকার। স্বাস্থ্যবিধি মেনে চলা এবং সামাজিক দূরত্ব বজায় রাখার জন্য প্রশাসন মাঠে কাজ করছে। বিভিন্ন এলাকায় লকডাউন ঘোষণা করা হয়েছে এবং আক্রান্তদের চিকিৎসায় বিশেষায়িত হাসপাতাল প্রস্তুত রাখা হয়েছে।

নিজস্ব প্রতিবেদক | করোনাভাইরাসের সংক্রমণ প্রতিরোধে সারা দেশে সাধারণ ছুটি চলছে। জরুরি প্রয়োজন ছাড়া ঘরের বাইরে না যাওয়ার আহ্বান জানিয়েছে সরকার। স্বাস্থ্যবিধি মেনে চলা এবং সামাজিক দূরত্ব বজায় রাখার জন্য প্রশাসন মাঠে কাজ করছে। বিভিন্ন এলাকায় লকডাউন ঘোষণা করা হয়েছে এবং আক্রান্তদের চিকিৎসায় বিশেষায়িত হাসপাতাল প্রস্তুত রাখা হয়েছে।

নিজস্ব প্রতিবেদক | করোনাভাইরাসের সংক্রমণ প্রতিরোধে সারা দেশে সাধারণ ছুটি চলছে। জরুরি প্রয়োজন ছাড়া ঘরের বাইরে না যাওয়ার আহ্বান জানিয়েছে সরকার। স্বাস্থ্যবিধি মেনে চলা এবং সামাজিক দূরত্ব বজায় রাখার জন্য প্রশাসন মাঠে কাজ করছে। বিভিন্ন এলাকায় লকডাউন ঘোষণা করা হয়েছে এবং আক্রান্তদের চিকিৎসায় বিশেষায়িত হাসপাতাল প্রস্তুত রাখা হয়েছে।

নিজস্ব প্রতিবেদক | করোনাভাইরাসের সংক্রমণ প্রতিরোধে সারা দেশে সাধারণ ছুটি চলছে। জরুরি প্রয়োজন ছাড়া ঘরের বাইরে না যাওয়ার আহ্বান জানিয়েছে সরকার। স্বাস্থ্যবিধি মেনে চলা এবং সামাজিক দূরত্ব বজায় রাখার জন্য প্রশাসন মাঠে কাজ করছে। বিভিন্ন এলাকায় লকডাউন ঘোষণা করা হয়েছে এবং আক্রান্তদের চিকিৎসায় বিশেষায়িত হাসপাতাল প্রস্তুত রাখা হয়েছে।

নিজস্ব প্রতিবেদক | করোনাভাইরাসের সংক্রমণ প্রতিরোধে সারা দেশে সাধারণ ছুটি চলছে। জরুরি প্রয়োজন ছাড়া ঘরের বাইরে না যাওয়ার আহ্বান জানিয়েছে সরকার। স্বাস্থ্যবিধি মেনে চলা এবং সামাজিক দূরত্ব বজায় রাখার জন্য প্রশাসন মাঠে কাজ করছে। বিভিন্ন এলাকায় লকডাউন ঘোষণা করা হয়েছে এবং আক্রান্তদের চিকিৎসায় বিশেষায়িত হাসপাতাল প্রস্তুত রাখা হয়েছে।

নিজস্ব প্রতিবেদক | করোনাভাইরাসের সংক্রমণ প্রতিরোধে সারা দেশে সাধারণ ছুটি চলছে। জরুরি প্রয়োজন ছাড়া ঘরের বাইরে না যাওয়ার আহ্বান জানিয়েছে সরকার। স্বাস্থ্যবিধি মেনে চলা এবং সামাজিক দূরত্ব বজায় রাখার জন্য প্রশাসন মাঠে কাজ করছে। বিভিন্ন এলাকায় লকডাউন ঘোষণা করা হয়েছে এবং আক্রান্তদের চিকিৎসায় বিশেষায়িত হাসপাতাল প্রস্তুত রাখা হয়েছে।

পাঠ্যপুস্তক দেশেই মুদ্রণের দাবি

নিজস্ব প্রতিবেদক | করোনাভাইরাসের সংক্রমণ প্রতিরোধে সারা দেশে সাধারণ ছুটি চলছে। জরুরি প্রয়োজন ছাড়া ঘরের বাইরে না যাওয়ার আহ্বান জানিয়েছে সরকার। স্বাস্থ্যবিধি মেনে চলা এবং সামাজিক দূরত্ব বজায় রাখার জন্য প্রশাসন মাঠে কাজ করছে। বিভিন্ন এলাকায় লকডাউন ঘোষণা করা হয়েছে এবং আক্রান্তদের চিকিৎসায় বিশেষায়িত হাসপাতাল প্রস্তুত রাখা হয়েছে।

নিজস্ব প্রতিবেদক | করোনাভাইরাসের সংক্রমণ প্রতিরোধে সারা দেশে সাধারণ ছুটি চলছে। জরুরি প্রয়োজন ছাড়া ঘরের বাইরে না যাওয়ার আহ্বান জানিয়েছে সরকার। স্বাস্থ্যবিধি মেনে চলা এবং সামাজিক দূরত্ব বজায় রাখার জন্য প্রশাসন মাঠে কাজ করছে। বিভিন্ন এলাকায় লকডাউন ঘোষণা করা হয়েছে এবং আক্রান্তদের চিকিৎসায় বিশেষায়িত হাসপাতাল প্রস্তুত রাখা হয়েছে।

নুতুর শেষ

নিজস্ব প্রতিবেদক | করোনাভাইরাসের সংক্রমণ প্রতিরোধে সারা দেশে সাধারণ ছুটি চলছে। জরুরি প্রয়োজন ছাড়া ঘরের বাইরে না যাওয়ার আহ্বান জানিয়েছে সরকার। স্বাস্থ্যবিধি মেনে চলা এবং সামাজিক দূরত্ব বজায় রাখার জন্য প্রশাসন মাঠে কাজ করছে। বিভিন্ন এলাকায় লকডাউন ঘোষণা করা হয়েছে এবং আক্রান্তদের চিকিৎসায় বিশেষায়িত হাসপাতাল প্রস্তুত রাখা হয়েছে।

নিজস্ব প্রতিবেদক | করোনাভাইরাসের সংক্রমণ প্রতিরোধে সারা দেশে সাধারণ ছুটি চলছে। জরুরি প্রয়োজন ছাড়া ঘরের বাইরে না যাওয়ার আহ্বান জানিয়েছে সরকার। স্বাস্থ্যবিধি মেনে চলা এবং সামাজিক দূরত্ব বজায় রাখার জন্য প্রশাসন মাঠে কাজ করছে। বিভিন্ন এলাকায় লকডাউন ঘোষণা করা হয়েছে এবং আক্রান্তদের চিকিৎসায় বিশেষায়িত হাসপাতাল প্রস্তুত রাখা হয়েছে।

বিদেশে মৃত্যু ১৯৫

নিজস্ব প্রতিবেদক | করোনাভাইরাসের সংক্রমণ প্রতিরোধে সারা দেশে সাধারণ ছুটি চলছে। জরুরি প্রয়োজন ছাড়া ঘরের বাইরে না যাওয়ার আহ্বান জানিয়েছে সরকার। স্বাস্থ্যবিধি মেনে চলা এবং সামাজিক দূরত্ব বজায় রাখার জন্য প্রশাসন মাঠে কাজ করছে। বিভিন্ন এলাকায় লকডাউন ঘোষণা করা হয়েছে এবং আক্রান্তদের চিকিৎসায় বিশেষায়িত হাসপাতাল প্রস্তুত রাখা হয়েছে।

নিজস্ব প্রতিবেদক | করোনাভাইরাসের সংক্রমণ প্রতিরোধে সারা দেশে সাধারণ ছুটি চলছে। জরুরি প্রয়োজন ছাড়া ঘরের বাইরে না যাওয়ার আহ্বান জানিয়েছে সরকার। স্বাস্থ্যবিধি মেনে চলা এবং সামাজিক দূরত্ব বজায় রাখার জন্য প্রশাসন মাঠে কাজ করছে। বিভিন্ন এলাকায় লকডাউন ঘোষণা করা হয়েছে এবং আক্রান্তদের চিকিৎসায় বিশেষায়িত হাসপাতাল প্রস্তুত রাখা হয়েছে।

কাশেম জাবিদ

নিজস্ব প্রতিবেদক | করোনাভাইরাসের সংক্রমণ প্রতিরোধে সারা দেশে সাধারণ ছুটি চলছে। জরুরি প্রয়োজন ছাড়া ঘরের বাইরে না যাওয়ার আহ্বান জানিয়েছে সরকার। স্বাস্থ্যবিধি মেনে চলা এবং সামাজিক দূরত্ব বজায় রাখার জন্য প্রশাসন মাঠে কাজ করছে। বিভিন্ন এলাকায় লকডাউন ঘোষণা করা হয়েছে এবং আক্রান্তদের চিকিৎসায় বিশেষায়িত হাসপাতাল প্রস্তুত রাখা হয়েছে।

ডাক্তারদের কাছে

নিজস্ব প্রতিবেদক | করোনাভাইরাসের সংক্রমণ প্রতিরোধে সারা দেশে সাধারণ ছুটি চলছে। জরুরি প্রয়োজন ছাড়া ঘরের বাইরে না যাওয়ার আহ্বান জানিয়েছে সরকার। স্বাস্থ্যবিধি মেনে চলা এবং সামাজিক দূরত্ব বজায় রাখার জন্য প্রশাসন মাঠে কাজ করছে। বিভিন্ন এলাকায় লকডাউন ঘোষণা করা হয়েছে এবং আক্রান্তদের চিকিৎসায় বিশেষায়িত হাসপাতাল প্রস্তুত রাখা হয়েছে।

চাল চুরি ঠেকাতে

নিজস্ব প্রতিবেদক | করোনাভাইরাসের সংক্রমণ প্রতিরোধে সারা দেশে সাধারণ ছুটি চলছে। জরুরি প্রয়োজন ছাড়া ঘরের বাইরে না যাওয়ার আহ্বান জানিয়েছে সরকার। স্বাস্থ্যবিধি মেনে চলা এবং সামাজিক দূরত্ব বজায় রাখার জন্য প্রশাসন মাঠে কাজ করছে। বিভিন্ন এলাকায় লকডাউন ঘোষণা করা হয়েছে এবং আক্রান্তদের চিকিৎসায় বিশেষায়িত হাসপাতাল প্রস্তুত রাখা হয়েছে।

মাজেদের ফাঁসি

নিজস্ব প্রতিবেদক | করোনাভাইরাসের সংক্রমণ প্রতিরোধে সারা দেশে সাধারণ ছুটি চলছে। জরুরি প্রয়োজন ছাড়া ঘরের বাইরে না যাওয়ার আহ্বান জানিয়েছে সরকার। স্বাস্থ্যবিধি মেনে চলা এবং সামাজিক দূরত্ব বজায় রাখার জন্য প্রশাসন মাঠে কাজ করছে। বিভিন্ন এলাকায় লকডাউন ঘোষণা করা হয়েছে এবং আক্রান্তদের চিকিৎসায় বিশেষায়িত হাসপাতাল প্রস্তুত রাখা হয়েছে।

সেপ্টেম্বরে প্রথম

নিজস্ব প্রতিবেদক | করোনাভাইরাসের সংক্রমণ প্রতিরোধে সারা দেশে সাধারণ ছুটি চলছে। জরুরি প্রয়োজন ছাড়া ঘরের বাইরে না যাওয়ার আহ্বান জানিয়েছে সরকার। স্বাস্থ্যবিধি মেনে চলা এবং সামাজিক দূরত্ব বজায় রাখার জন্য প্রশাসন মাঠে কাজ করছে। বিভিন্ন এলাকায় লকডাউন ঘোষণা করা হয়েছে এবং আক্রান্তদের চিকিৎসায় বিশেষায়িত হাসপাতাল প্রস্তুত রাখা হয়েছে।

আক্রান্তের ৫০ ভাগই

নিজস্ব প্রতিবেদক | করোনাভাইরাসের সংক্রমণ প্রতিরোধে সারা দেশে সাধারণ ছুটি চলছে। জরুরি প্রয়োজন ছাড়া ঘরের বাইরে না যাওয়ার আহ্বান জানিয়েছে সরকার। স্বাস্থ্যবিধি মেনে চলা এবং সামাজিক দূরত্ব বজায় রাখার জন্য প্রশাসন মাঠে কাজ করছে। বিভিন্ন এলাকায় লকডাউন ঘোষণা করা হয়েছে এবং আক্রান্তদের চিকিৎসায় বিশেষায়িত হাসপাতাল প্রস্তুত রাখা হয়েছে।

নিজস্ব প্রতিবেদক | করোনাভাইরাসের সংক্রমণ প্রতিরোধে সারা দেশে সাধারণ ছুটি চলছে। জরুরি প্রয়োজন ছাড়া ঘরের বাইরে না যাওয়ার আহ্বান জানিয়েছে সরকার। স্বাস্থ্যবিধি মেনে চলা এবং সামাজিক দূরত্ব বজায় রাখার জন্য প্রশাসন মাঠে কাজ করছে। বিভিন্ন এলাকায় লকডাউন ঘোষণা করা হয়েছে এবং আক্রান্তদের চিকিৎসায় বিশেষায়িত হাসপাতাল প্রস্তুত রাখা হয়েছে।
